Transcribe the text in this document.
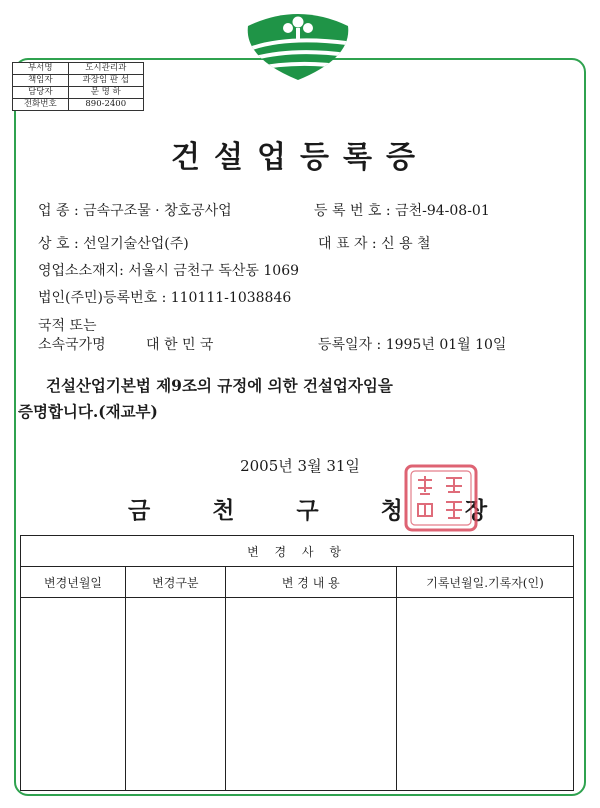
부서명	도시관리과
책임자	과장임 판 섭
담당자	문 명 하
전화번호	890-2400
건설업등록증
업 종 : 금속구조물 · 창호공사업	등 록 번 호 : 금천-94-08-01
상 호 : 선일기술산업(주)	대 표 자 : 신 용 철
영업소소재지: 서울시 금천구 독산동 1069
법인(주민)등록번호 : 110111-1038846
국적 또는
소속국가명	대 한 민 국	등록일자 : 1995년 01월 10일
건설산업기본법 제9조의 규정에 의한 건설업자임을
증명합니다.(재교부)
2005년 3월 31일
금천구청장
변 경 사 항			
변경년월일	변경구분	변 경 내 용	기록년월일.기록자(인)
